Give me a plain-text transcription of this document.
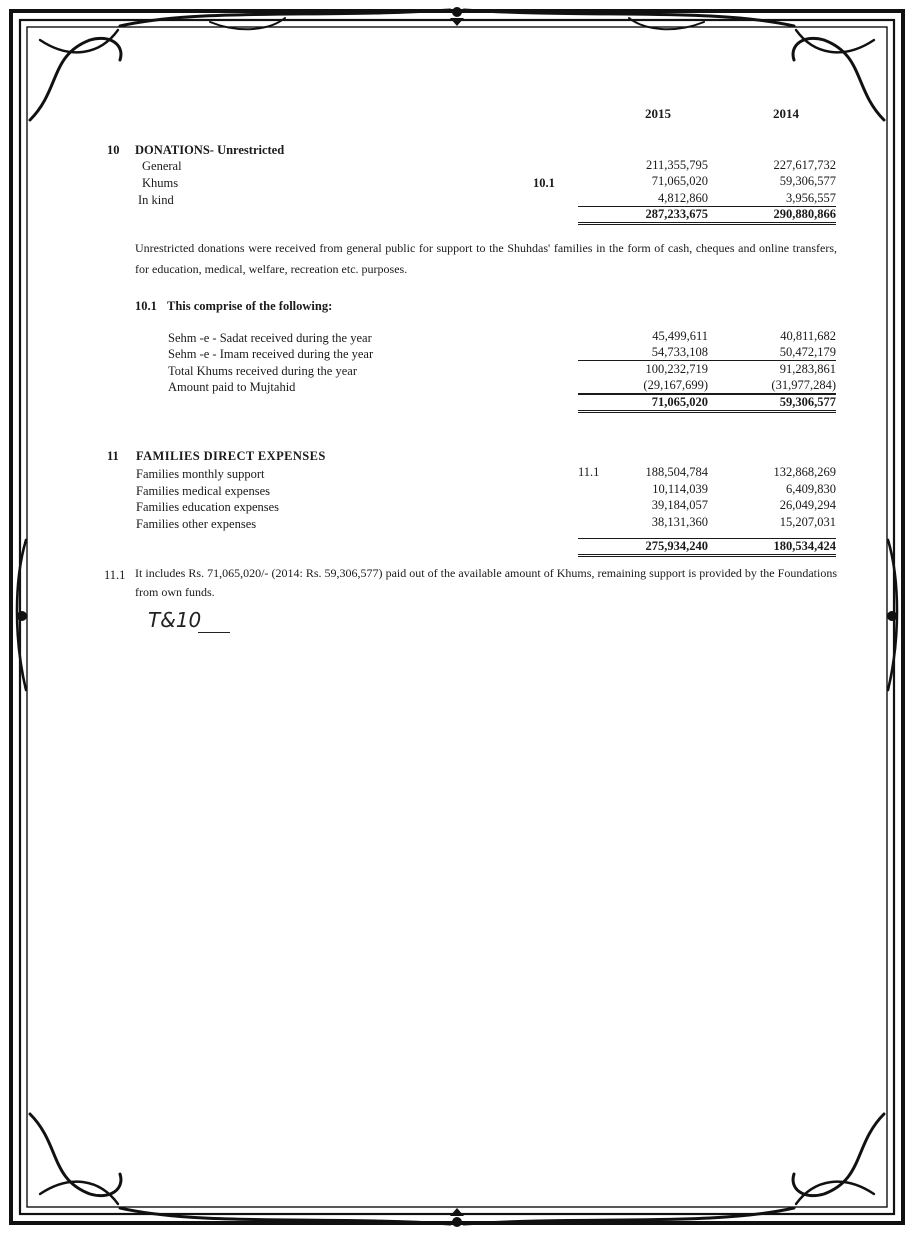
2015	2014
10 DONATIONS- Unrestricted
General	211,355,795	227,617,732
Khums	10.1	71,065,020	59,306,577
In kind	4,812,860	3,956,557
287,233,675	290,880,866
Unrestricted donations were received from general public for support to the Shuhdas' families in the form of cash, cheques and online transfers, for education, medical, welfare, recreation etc. purposes.
10.1 This comprise of the following:
Sehm -e - Sadat received during the year	45,499,611	40,811,682
Sehm -e - Imam received during the year	54,733,108	50,472,179
Total Khums received during the year	100,232,719	91,283,861
Amount paid to Mujtahid	(29,167,699)	(31,977,284)
71,065,020	59,306,577
11 FAMILIES DIRECT EXPENSES
Families monthly support	11.1	188,504,784	132,868,269
Families medical expenses	10,114,039	6,409,830
Families education expenses	39,184,057	26,049,294
Families other expenses	38,131,360	15,207,031
275,934,240	180,534,424
11.1 It includes Rs. 71,065,020/- (2014: Rs. 59,306,577) paid out of the available amount of Khums, remaining support is provided by the Foundations from own funds.
T&10
